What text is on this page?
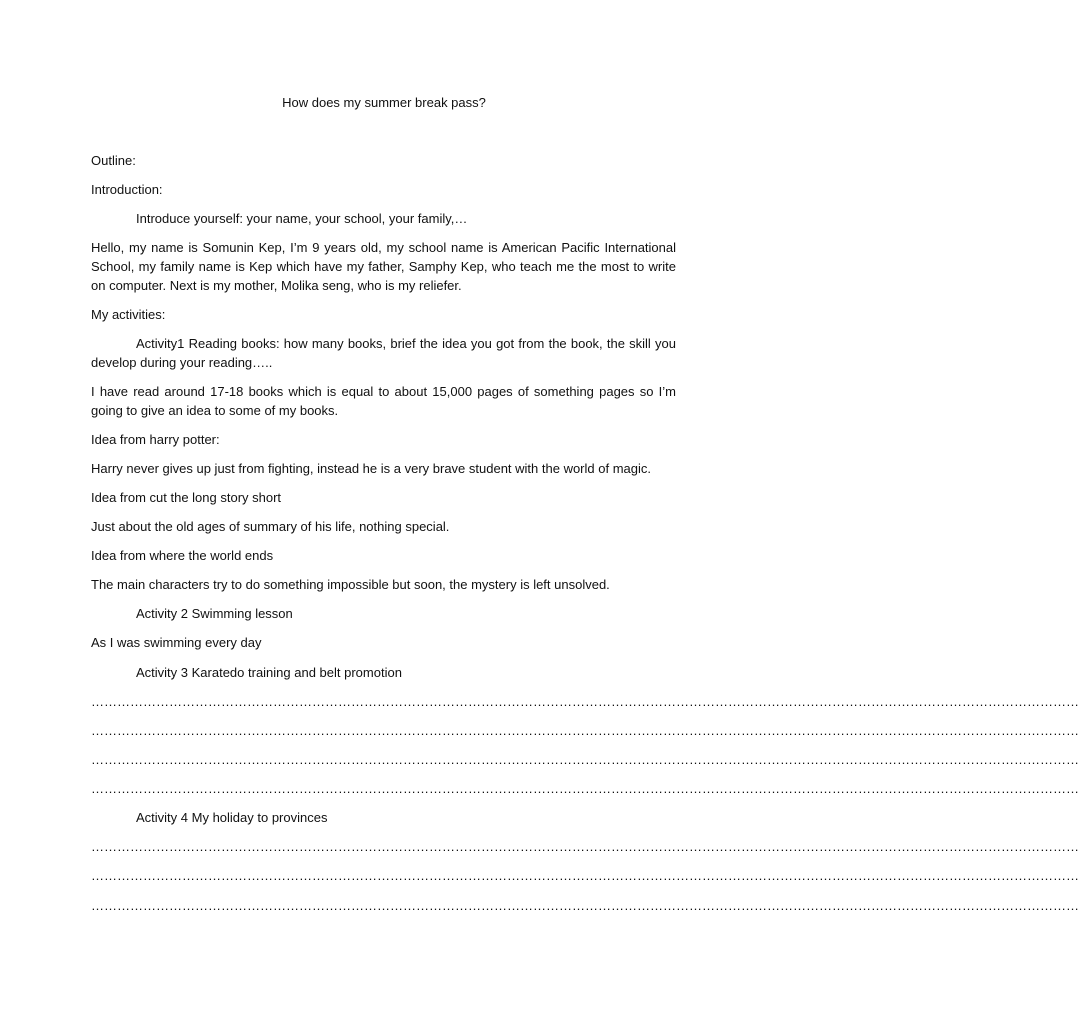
How does my summer break pass?

Outline:

Introduction:

Introduce yourself: your name, your school, your family,…

Hello, my name is Somunin Kep, I’m 9 years old, my school name is American Pacific International School, my family name is Kep which have my father, Samphy Kep, who teach me the most to write on computer. Next is my mother, Molika seng, who is my reliefer.

My activities:

Activity1 Reading books: how many books, brief the idea you got from the book, the skill you develop during your reading…..

I have read around 17-18 books which is equal to about 15,000 pages of something pages so I’m going to give an idea to some of my books.

Idea from harry potter:

Harry never gives up just from fighting, instead he is a very brave student with the world of magic.

Idea from cut the long story short

Just about the old ages of summary of his life, nothing special.

Idea from where the world ends

The main characters try to do something impossible but soon, the mystery is left unsolved.

Activity 2 Swimming lesson

As I was swimming every day

Activity 3 Karatedo training and belt promotion

…………………………………………………………………………………………………………………………………………………………………………………………………………
…………………………………………………………………………………………………………………………………………………………………………………………………………
…………………………………………………………………………………………………………………………………………………………………………………………………………
…………………………………………………………………………………………………………………………………………………………………………………………………………

Activity 4 My holiday to provinces

…………………………………………………………………………………………………………………………………………………………………………………………………………
…………………………………………………………………………………………………………………………………………………………………………………………………………
…………………………………………………………………………………………………………………………………………………………………………………………………………
